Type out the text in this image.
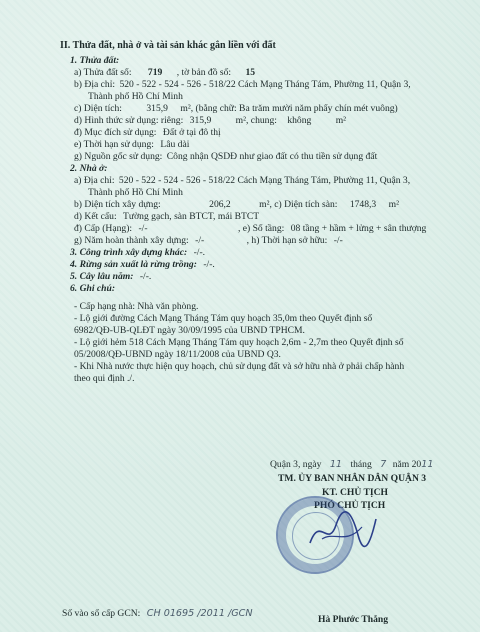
II. Thửa đất, nhà ở và tài sản khác gắn liền với đất
1. Thửa đất:
a) Thửa đất số: 719 , tờ bản đồ số: 15
b) Địa chỉ: 520 - 522 - 524 - 526 - 518/22 Cách Mạng Tháng Tám, Phường 11, Quận 3,
Thành phố Hồ Chí Minh
c) Diện tích:	315,9 m², (bằng chữ: Ba trăm mười năm phẩy chín mét vuông)
d) Hình thức sử dụng: riêng: 315,9	m², chung: không	m²
đ) Mục đích sử dụng: Đất ở tại đô thị
e) Thời hạn sử dụng: Lâu dài
g) Nguồn gốc sử dụng: Công nhận QSDĐ như giao đất có thu tiền sử dụng đất
2. Nhà ở:
a) Địa chỉ: 520 - 522 - 524 - 526 - 518/22 Cách Mạng Tháng Tám, Phường 11, Quận 3,
Thành phố Hồ Chí Minh
b) Diện tích xây dựng:	206,2	m², c) Diện tích sàn: 1748,3 m²
d) Kết cấu: Tường gạch, sàn BTCT, mái BTCT
đ) Cấp (Hạng): -/-	, e) Số tầng: 08 tầng + hầm + lửng + sân thượng
g) Năm hoàn thành xây dựng: -/-	, h) Thời hạn sở hữu: -/-
3. Công trình xây dựng khác: -/-.
4. Rừng sản xuất là rừng trồng: -/-.
5. Cây lâu năm: -/-.
6. Ghi chú:
- Cấp hạng nhà: Nhà văn phòng.
- Lộ giới đường Cách Mạng Tháng Tám quy hoạch 35,0m theo Quyết định số
6982/QĐ-UB-QLĐT ngày 30/09/1995 của UBND TPHCM.
- Lộ giới hẻm 518 Cách Mạng Tháng Tám quy hoạch 2,6m - 2,7m theo Quyết định số
05/2008/QĐ-UBND ngày 18/11/2008 của UBND Q3.
- Khi Nhà nước thực hiện quy hoạch, chủ sử dụng đất và sở hữu nhà ở phải chấp hành
theo qui định ./.
Quận 3, ngày 11 tháng 7 năm 2011
TM. ỦY BAN NHÂN DÂN QUẬN 3
KT. CHỦ TỊCH
PHÓ CHỦ TỊCH
Hà Phước Thắng
Số vào sổ cấp GCN: CH 01695 /2011 /GCN
